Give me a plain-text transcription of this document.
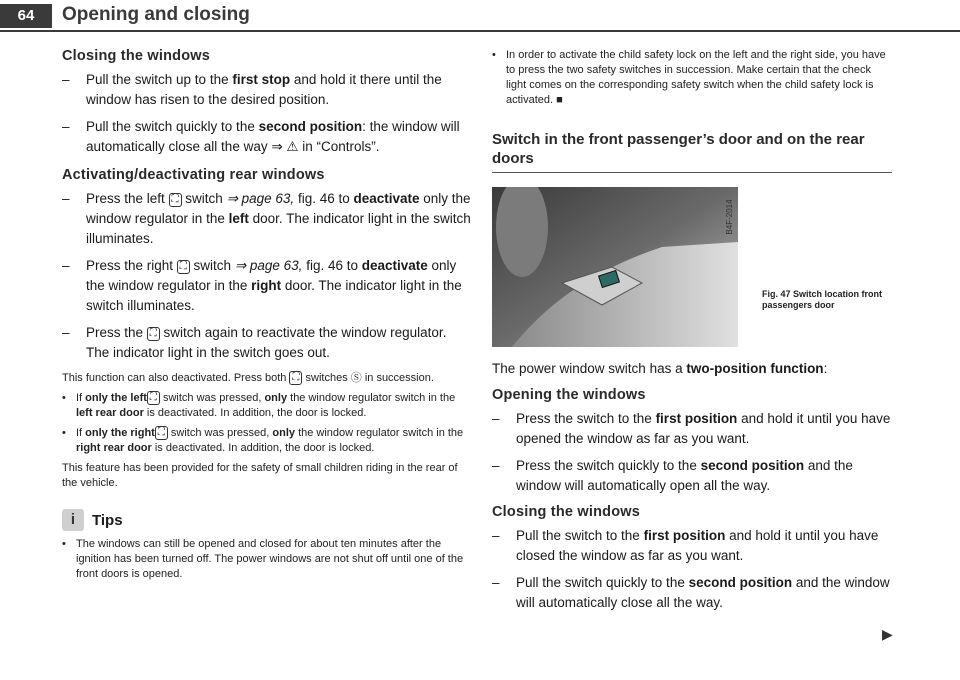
64	Opening and closing
Closing the windows
– Pull the switch up to the first stop and hold it there until the window has risen to the desired position.
– Pull the switch quickly to the second position: the window will automatically close all the way ⇒ ⚠ in “Controls”.
Activating/deactivating rear windows
– Press the left ⛶ switch ⇒ page 63, fig. 46 to deactivate only the window regulator in the left door. The indicator light in the switch illuminates.
– Press the right ⛶ switch ⇒ page 63, fig. 46 to deactivate only the window regulator in the right door. The indicator light in the switch illuminates.
– Press the ⛶ switch again to reactivate the window regulator. The indicator light in the switch goes out.

This function can also deactivated. Press both ⛶ switches Ⓢ in succession.

• If only the left ⛶ switch was pressed, only the window regulator switch in the left rear door is deactivated. In addition, the door is locked.

• If only the right ⛶ switch was pressed, only the window regulator switch in the right rear door is deactivated. In addition, the door is locked.

This feature has been provided for the safety of small children riding in the rear of the vehicle.

i	Tips

• The windows can still be opened and closed for about ten minutes after the ignition has been turned off. The power windows are not shut off until one of the front doors is opened.

• In order to activate the child safety lock on the left and the right side, you have to press the two safety switches in succession. Make certain that the check light comes on the corresponding safety switch when the child safety lock is activated. ■

Switch in the front passenger’s door and on the rear doors

B4F-2014
Fig. 47 Switch location front passengers door

The power window switch has a two-position function:

Opening the windows
– Press the switch to the first position and hold it until you have opened the window as far as you want.
– Press the switch quickly to the second position and the window will automatically open all the way.
Closing the windows
– Pull the switch to the first position and hold it until you have closed the window as far as you want.
– Pull the switch quickly to the second position and the window will automatically close all the way.
▶
